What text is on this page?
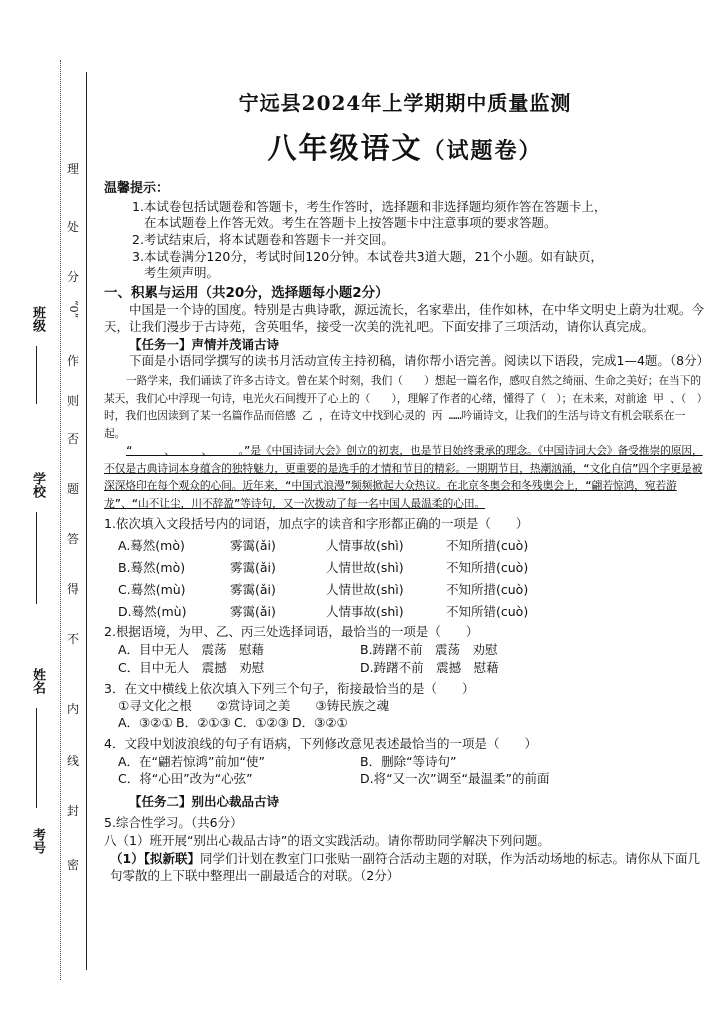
班级
学校
姓名
考号
理
处
分
“0”
作
则
否
题
答
得
不
内
线
封
密
宁远县2024年上学期期中质量监测
八年级语文（试题卷）
温馨提示：

1.本试卷包括试题卷和答题卡，考生作答时，选择题和非选择题均须作答在答题卡上，

在本试题卷上作答无效。考生在答题卡上按答题卡中注意事项的要求答题。

2.考试结束后，将本试题卷和答题卡一并交回。

3.本试卷满分120分，考试时间120分钟。本试卷共3道大题，21个小题。如有缺页，

考生须声明。

一、积累与运用（共20分，选择题每小题2分）

中国是一个诗的国度。特别是古典诗歌，源远流长，名家辈出，佳作如林，在中华文明史上蔚为壮观。今天，让我们漫步于古诗苑，含英咀华，接受一次美的洗礼吧。下面安排了三项活动，请你认真完成。

【任务一】声情并茂诵古诗

下面是小语同学撰写的读书月活动宣传主持初稿，请你帮小语完善。阅读以下语段，完成1—4题。（8分）

一路学来，我们诵读了许多古诗文。曾在某个时刻，我们（　　）想起一篇名作，感叹自然之绮丽、生命之美好；在当下的某天，我们心中浮现一句诗，电光火石间搜开了心上的（　　），理解了作者的心绪，懂得了（　）；在未来，对前途 甲 、（　）时，我们也因读到了某一名篇作品而倍感 乙 ，在诗文中找到心灵的 丙 ……吟诵诗文，让我们的生活与诗文有机会联系在一起。

“　　　、　　　、　　　。”是《中国诗词大会》创立的初衷，也是节目始终秉承的理念。《中国诗词大会》备受推崇的原因，不仅是古典诗词本身蕴含的独特魅力，更重要的是选手的才情和节目的精彩。一期期节目，热潮汹涌，“文化自信”四个字更是被深深烙印在每个观众的心间。近年来，“中国式浪漫”频频掀起大众热议。在北京冬奥会和冬残奥会上，“翩若惊鸿，宛若游龙”、“山不让尘，川不辞盈”等诗句，又一次拨动了每一名中国人最温柔的心田。

1.依次填入文段括号内的词语，加点字的读音和字形都正确的一项是（　　）
A.蓦然(mò)	雾霭(ǎi)	人情事故(shì)	不知所措(cuò)
B.蓦然(mò)	雾霭(ǎi)	人情世故(shì)	不知所措(cuò)
C.蓦然(mù)	雾霭(ǎi)	人情世故(shì)	不知所措(cuò)
D.蓦然(mù)	雾霭(ǎi)	人情事故(shì)	不知所错(cuò)
2.根据语境，为甲、乙、丙三处选择词语，最恰当的一项是（　　）
A．目中无人　震荡　慰藉	B.踌躇不前　震荡　劝慰
C．目中无人　震撼　劝慰	D.踌躇不前　震撼　慰藉
3．在文中横线上依次填入下列三个句子，衔接最恰当的是（　　）
①寻文化之根　　②赏诗词之美　　③铸民族之魂
A．③②① B．②①③ C．①②③ D．③②①
4．文段中划波浪线的句子有语病，下列修改意见表述最恰当的一项是（　　）
A．在“翩若惊鸿”前加“使”	B．删除“等诗句”
C．将“心田”改为“心弦”	D.将“又一次”调至“最温柔”的前面
【任务二】别出心裁品古诗
5.综合性学习。（共6分）
八（1）班开展“别出心裁品古诗”的语文实践活动。请你帮助同学解决下列问题。
（1）【拟新联】同学们计划在教室门口张贴一副符合活动主题的对联，作为活动场地的标志。请你从下面几句零散的上下联中整理出一副最适合的对联。（2分）
